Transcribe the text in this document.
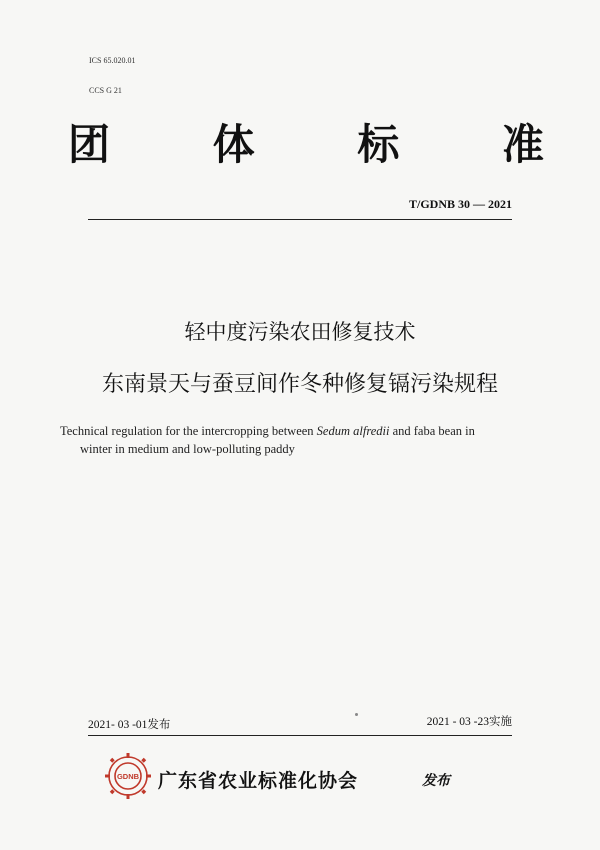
ICS 65.020.01
CCS G 21
团 体 标 准
T/GDNB 30 — 2021
轻中度污染农田修复技术
东南景天与蚕豆间作冬种修复镉污染规程
Technical regulation for the intercropping between Sedum alfredii and faba bean in
winter in medium and low-polluting paddy
2021- 03 -01发布	2021 - 03 -23实施
GDNB 广东省农业标准化协会	发布
